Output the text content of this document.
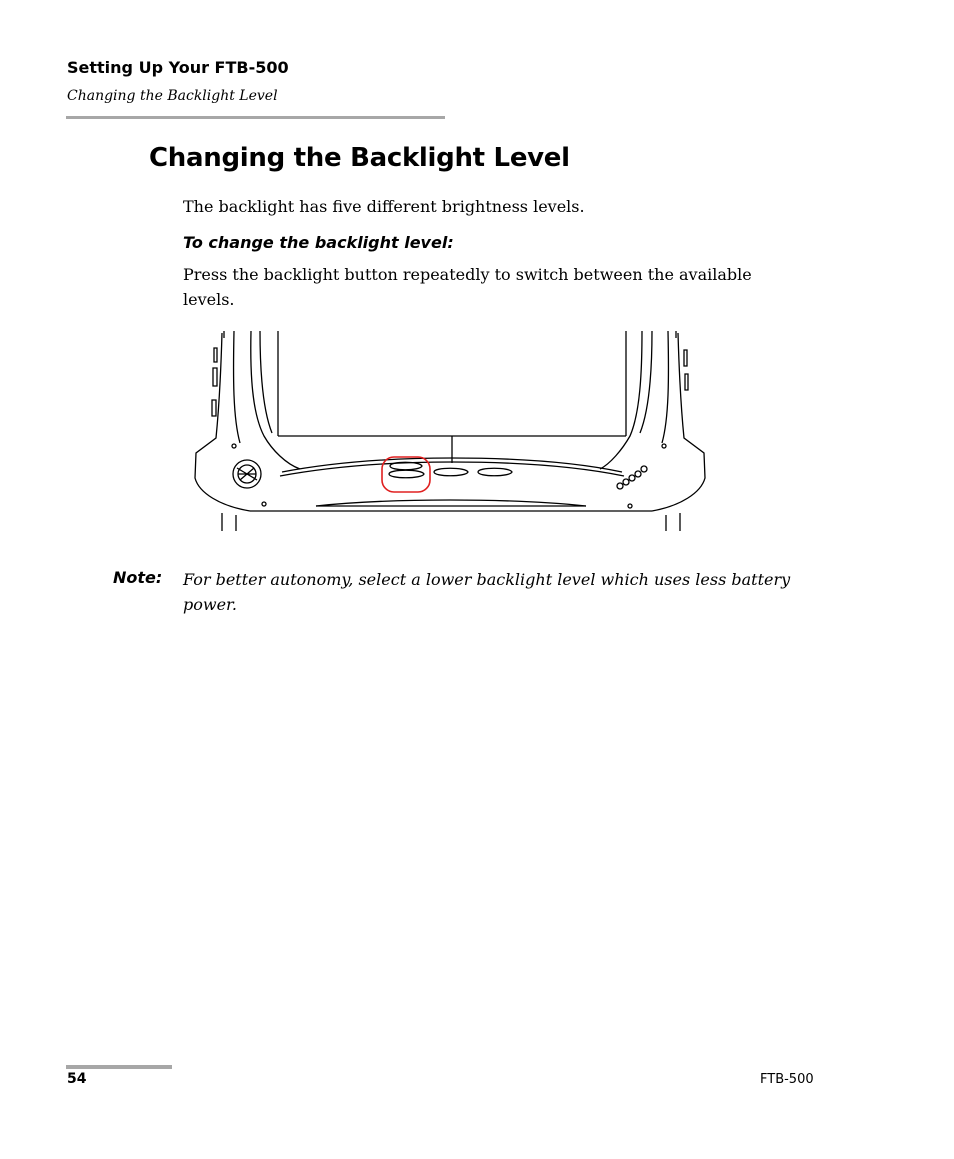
Setting Up Your FTB-500
Changing the Backlight Level
Changing the Backlight Level
The backlight has five different brightness levels.
To change the backlight level:
Press the backlight button repeatedly to switch between the available levels.
Note: For better autonomy, select a lower backlight level which uses less battery power.
54	FTB-500
